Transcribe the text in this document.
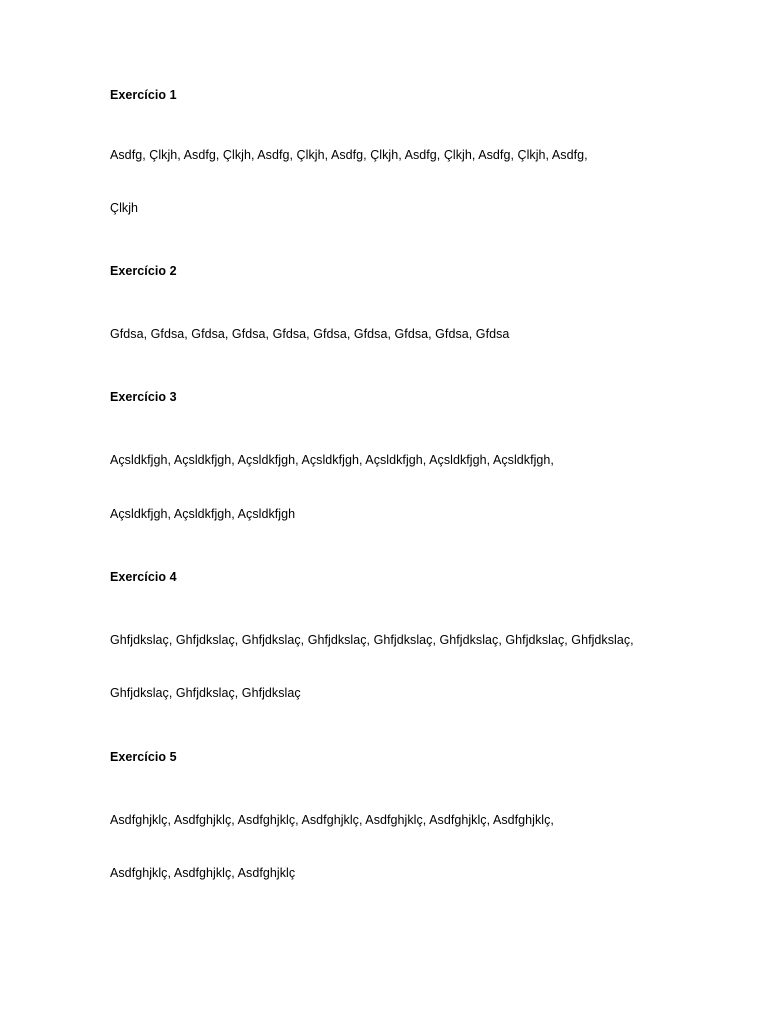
Exercício 1
Asdfg, Çlkjh, Asdfg, Çlkjh, Asdfg, Çlkjh, Asdfg, Çlkjh, Asdfg, Çlkjh, Asdfg, Çlkjh, Asdfg,
Çlkjh
Exercício 2
Gfdsa, Gfdsa, Gfdsa, Gfdsa, Gfdsa, Gfdsa, Gfdsa, Gfdsa, Gfdsa, Gfdsa
Exercício 3
Açsldkfjgh, Açsldkfjgh, Açsldkfjgh, Açsldkfjgh, Açsldkfjgh, Açsldkfjgh, Açsldkfjgh,
Açsldkfjgh, Açsldkfjgh, Açsldkfjgh
Exercício 4
Ghfjdkslaç, Ghfjdkslaç, Ghfjdkslaç, Ghfjdkslaç, Ghfjdkslaç, Ghfjdkslaç, Ghfjdkslaç, Ghfjdkslaç,
Ghfjdkslaç, Ghfjdkslaç, Ghfjdkslaç
Exercício 5
Asdfghjklç, Asdfghjklç, Asdfghjklç, Asdfghjklç, Asdfghjklç, Asdfghjklç, Asdfghjklç,
Asdfghjklç, Asdfghjklç, Asdfghjklç
